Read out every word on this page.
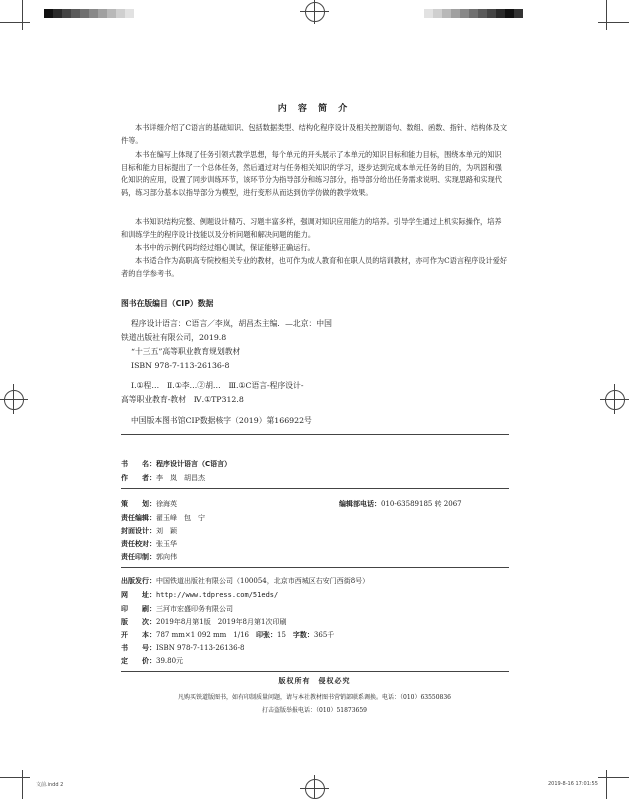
内 容 简 介

本书详细介绍了C语言的基础知识、包括数据类型、结构化程序设计及相关控制语句、数组、函数、指针、结构体及文件等。

本书在编写上体现了任务引领式教学思想，每个单元的开头展示了本单元的知识目标和能力目标，围绕本单元的知识目标和能力目标提出了一个总体任务，然后通过对与任务相关知识的学习，逐步达到完成本单元任务的目的，为巩固和强化知识的应用，设置了同步训练环节，该环节分为指导部分和练习部分，指导部分给出任务需求说明、实现思路和实现代码，练习部分基本以指导部分为模型，进行变形从而达到仿学仿做的教学效果。

本书知识结构完整、例题设计精巧、习题丰富多样，强调对知识应用能力的培养。引导学生通过上机实际操作，培养和训练学生的程序设计技能以及分析问题和解决问题的能力。

本书中的示例代码均经过细心调试，保证能够正确运行。

本书适合作为高职高专院校相关专业的教材，也可作为成人教育和在职人员的培训教材，亦可作为C语言程序设计爱好者的自学参考书。

图书在版编目（CIP）数据
程序设计语言：C语言／李岚，胡昌杰主编．—北京：中国
铁道出版社有限公司，2019.8
“十三五”高等职业教育规划教材
ISBN 978-7-113-26136-8
Ⅰ.①程…　Ⅱ.①李…②胡…　Ⅲ.①C语言-程序设计-
高等职业教育-教材　Ⅳ.①TP312.8
中国版本图书馆CIP数据核字（2019）第166922号
书　　名：程序设计语言（C语言）
作　　者：李　岚　胡昌杰
策　　划：徐海英	编辑部电话：010-63589185 转 2067
责任编辑：翟玉峰　包　宁
封面设计：刘　颖
责任校对：张玉华
责任印制：郭向伟
出版发行：中国铁道出版社有限公司（100054，北京市西城区右安门西街8号）
网　　址：http://www.tdpress.com/51eds/
印　　刷：三河市宏盛印务有限公司
版　　次：2019年8月第1版　2019年8月第1次印刷
开　　本：787 mm×1 092 mm　1/16　印张：15　字数：365千
书　　号：ISBN 978-7-113-26136-8
定　　价：39.80元
版权所有　侵权必究
凡购买铁道版图书，如有印制质量问题，请与本社教材图书营销部联系调换。电话：（010）63550836
打击盗版举报电话：（010）51873659
文前.indd 2	2019-8-16 17:01:55
